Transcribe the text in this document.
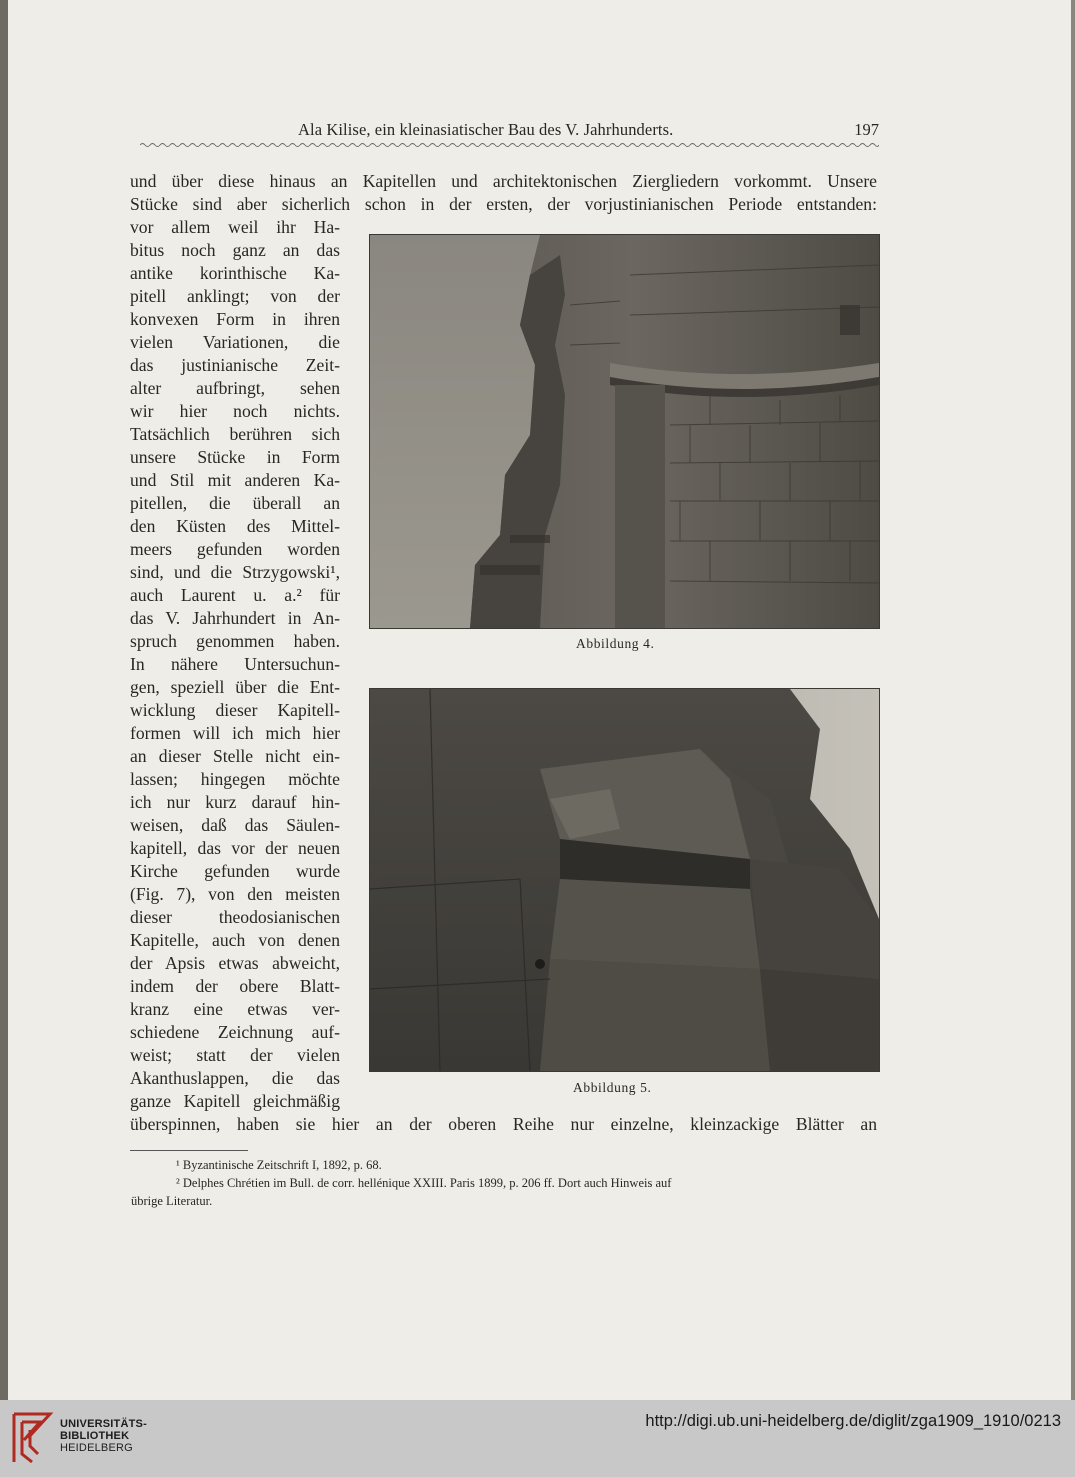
Ala Kilise, ein kleinasiatischer Bau des V. Jahrhunderts.	197
und über diese hinaus an Kapitellen und architektonischen Ziergliedern vorkommt. Unsere
Stücke sind aber sicherlich schon in der ersten, der vorjustinianischen Periode entstanden:
vor allem weil ihr Ha-
bitus noch ganz an das
antike korinthische Ka-
pitell anklingt; von der
konvexen Form in ihren
vielen Variationen, die
das justinianische Zeit-
alter aufbringt, sehen
wir hier noch nichts.
Tatsächlich berühren sich
unsere Stücke in Form
und Stil mit anderen Ka-
pitellen, die überall an
den Küsten des Mittel-
meers gefunden worden
sind, und die Strzygowski¹,
auch Laurent u. a.² für
das V. Jahrhundert in An-
spruch genommen haben.
In nähere Untersuchun-
gen, speziell über die Ent-
wicklung dieser Kapitell-
formen will ich mich hier
an dieser Stelle nicht ein-
lassen; hingegen möchte
ich nur kurz darauf hin-
weisen, daß das Säulen-
kapitell, das vor der neuen
Kirche gefunden wurde
(Fig. 7), von den meisten
dieser theodosianischen
Kapitelle, auch von denen
der Apsis etwas abweicht,
indem der obere Blatt-
kranz eine etwas ver-
schiedene Zeichnung auf-
weist; statt der vielen
Akanthuslappen, die das
ganze Kapitell gleichmäßig
überspinnen, haben sie hier an der oberen Reihe nur einzelne, kleinzackige Blätter an
Abbildung 4.
Abbildung 5.
¹ Byzantinische Zeitschrift I, 1892, p. 68.
² Delphes Chrétien im Bull. de corr. hellénique XXIII. Paris 1899, p. 206 ff. Dort auch Hinweis auf
übrige Literatur.
UNIVERSITÄTS-
BIBLIOTHEK
HEIDELBERG
http://digi.ub.uni-heidelberg.de/diglit/zga1909_1910/0213
